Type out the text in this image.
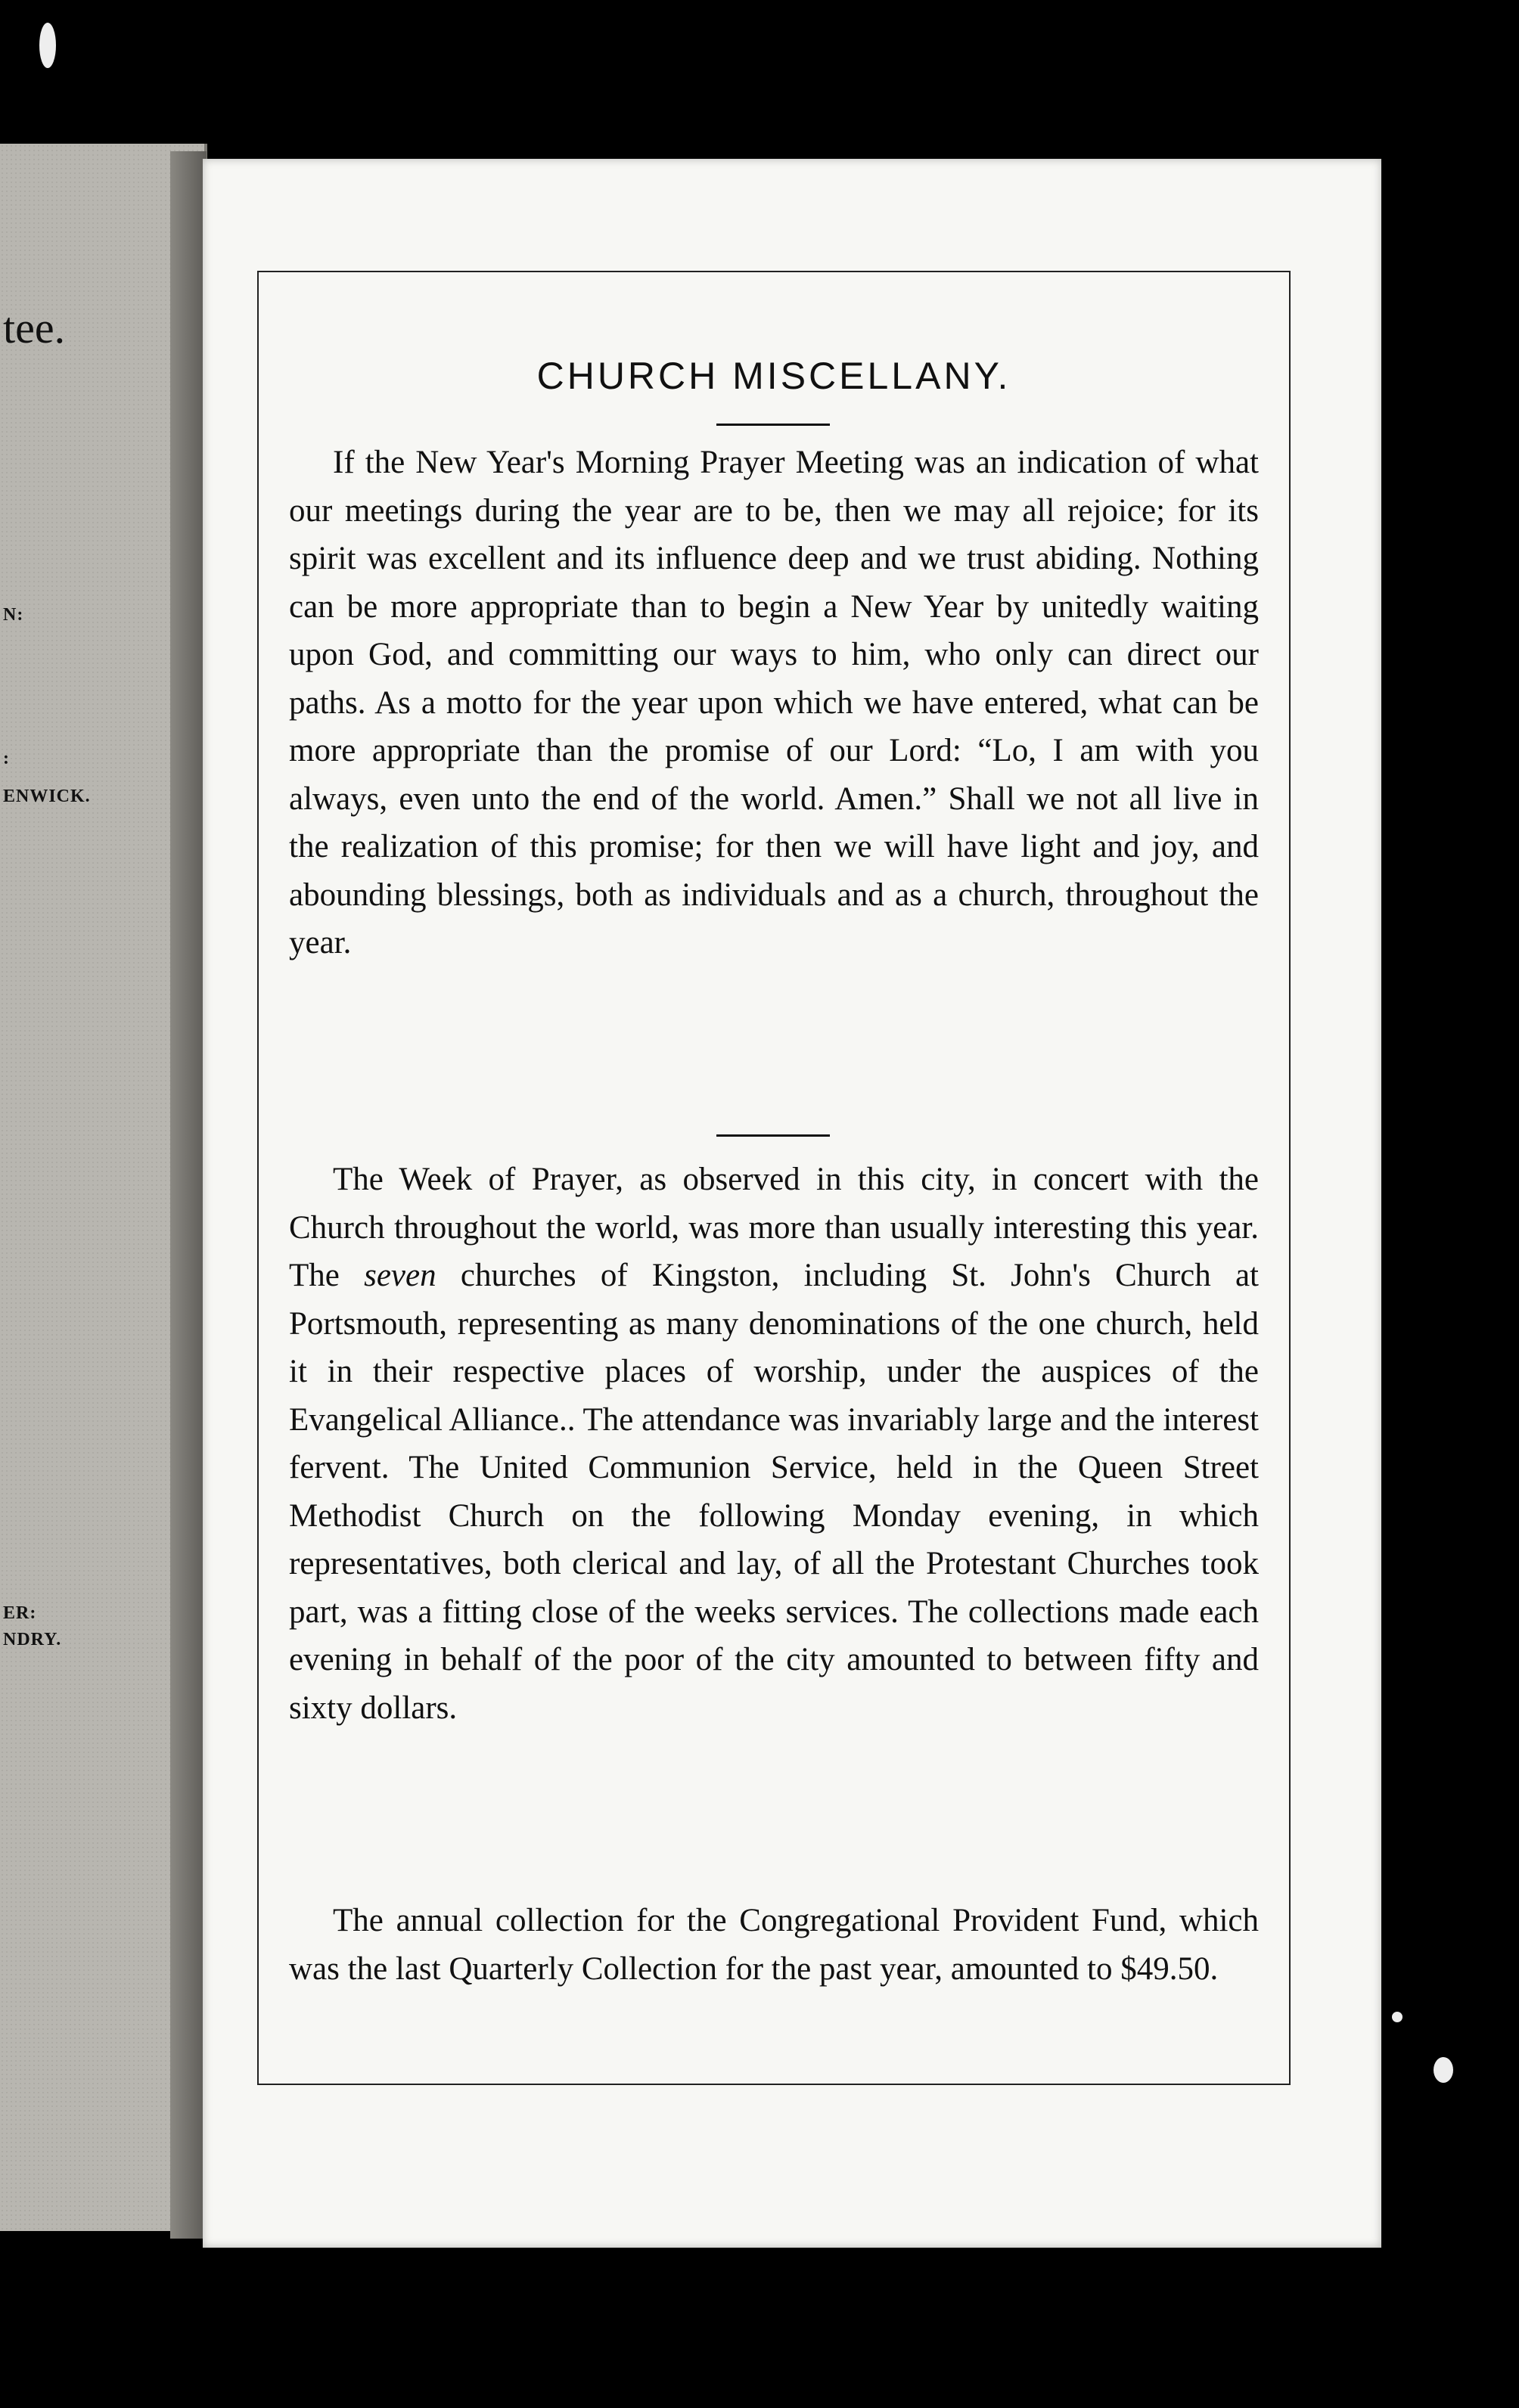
tee.
N:
:
ENWICK.
ER:
NDRY.
CHURCH MISCELLANY.

If the New Year's Morning Prayer Meeting was an indication of what our meetings during the year are to be, then we may all rejoice; for its spirit was excellent and its influence deep and we trust abiding. Nothing can be more appropriate than to begin a New Year by unitedly waiting upon God, and committing our ways to him, who only can direct our paths. As a motto for the year upon which we have entered, what can be more appropriate than the promise of our Lord: “Lo, I am with you always, even unto the end of the world. Amen.” Shall we not all live in the realization of this promise; for then we will have light and joy, and abounding blessings, both as individuals and as a church, throughout the year.

The Week of Prayer, as observed in this city, in concert with the Church throughout the world, was more than usually interesting this year. The seven churches of Kingston, including St. John's Church at Portsmouth, representing as many denominations of the one church, held it in their respective places of worship, under the auspices of the Evangelical Alliance.. The attendance was invariably large and the interest fervent. The United Communion Service, held in the Queen Street Methodist Church on the following Monday evening, in which representatives, both clerical and lay, of all the Protestant Churches took part, was a fitting close of the weeks services. The collections made each evening in behalf of the poor of the city amounted to between fifty and sixty dollars.

The annual collection for the Congregational Provident Fund, which was the last Quarterly Collection for the past year, amounted to $49.50.
